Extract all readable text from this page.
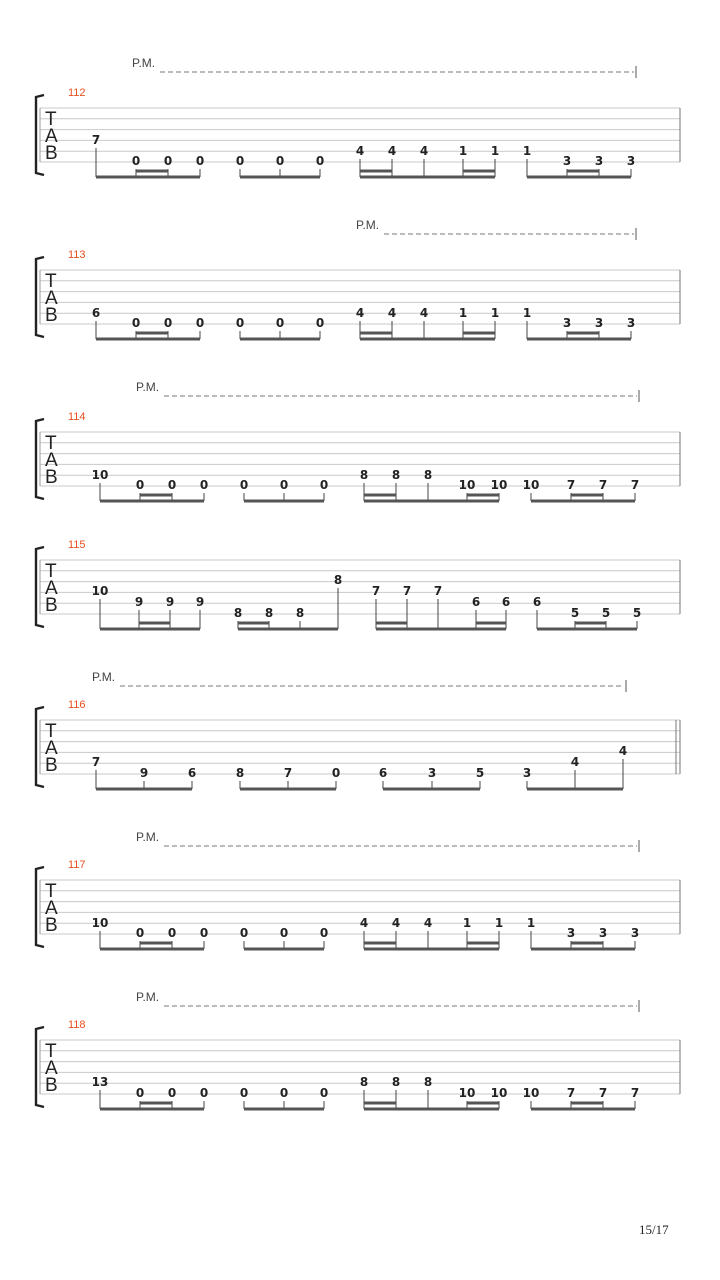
P.M.
112
T
A
B
7
0 0 0	0	0	0
4 4 4	1 1 1
3 3 3
P.M.
113
T
A
B	6
0 0 0	0	0	0
4 4 4	1 1 1
3 3 3
P.M.
114
T
A
B	10
0 0 0	0	0	0
8 8 8
10 10 10 7 7 7
115
T
A
B
10
9 9 9
8 8 8
8
7 7 7
6 6 6
5 5 5
P.M.
116
T
A
B	7
9	6	8	7	0	6	3	5	3
4
4
P.M.
117
T
A
B	10
0 0 0	0	0	0
4 4 4	1 1 1
3 3 3
P.M.
118
T
A
B	13
0 0 0	0	0	0
8 8 8
10 10 10 7 7 7
15/17
